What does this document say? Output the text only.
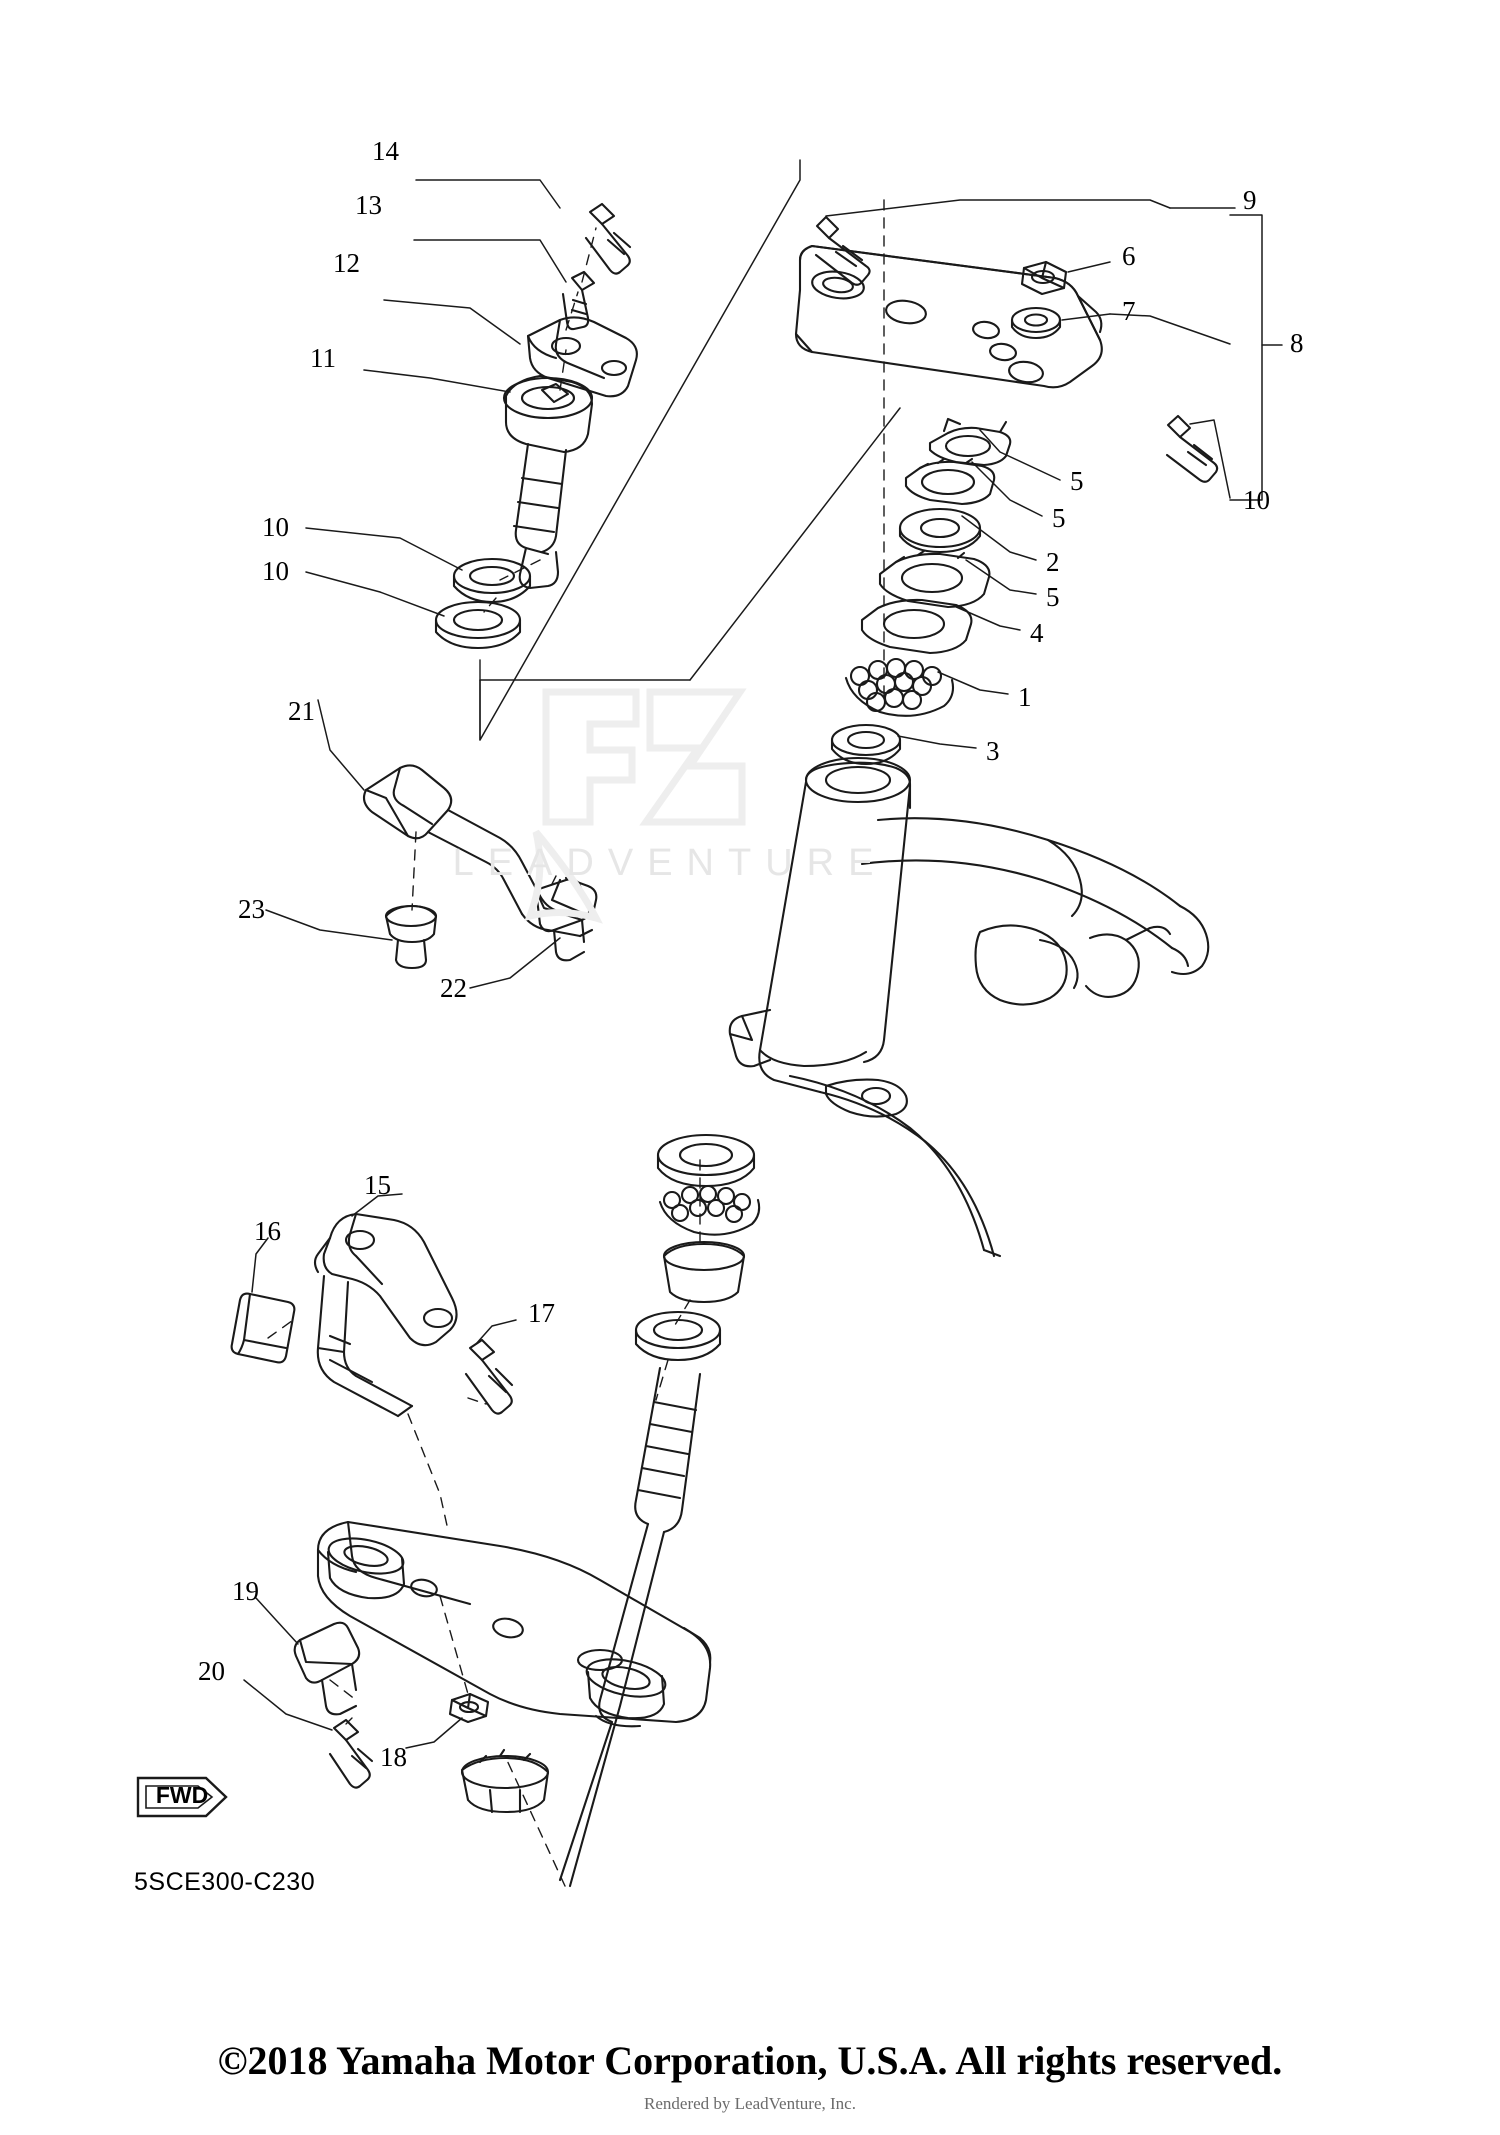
14
13
12
11
10
10
9
6
7
8
10
5
5
2
5
4
1
3
21
23
22
16
15
17
19
20
18
LEADVENTURE
FWD
5SCE300-C230
©2018 Yamaha Motor Corporation, U.S.A. All rights reserved.
Rendered by LeadVenture, Inc.
